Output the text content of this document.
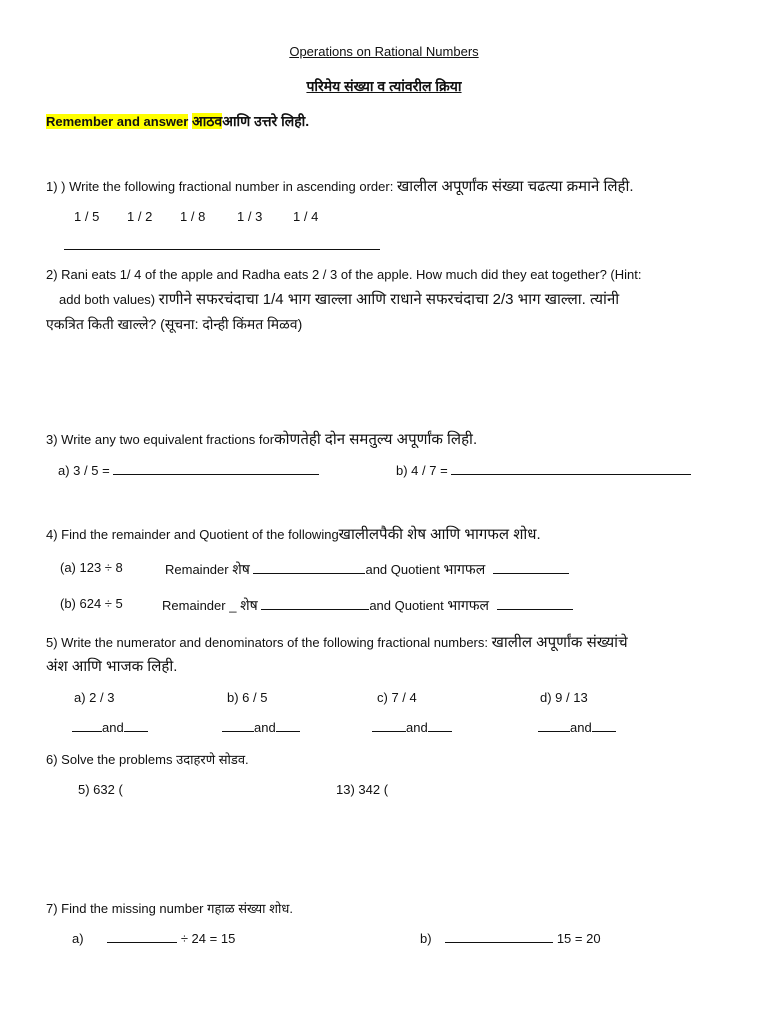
Operations on Rational Numbers
परिमेय संख्या व त्यांवरील क्रिया
Remember and answer आठवआणि उत्तरे लिही.
1) ) Write the following fractional number in ascending order: खालील अपूर्णांक संख्या चढत्या क्रमाने लिही.
1 / 5 1 / 2 1 / 8 1 / 3 1 / 4
2) Rani eats 1/ 4 of the apple and Radha eats 2 / 3 of the apple. How much did they eat together? (Hint:
add both values) राणीने सफरचंदाचा 1/4 भाग खाल्ला आणि राधाने सफरचंदाचा 2/3 भाग खाल्ला. त्यांनी
एकत्रित किती खाल्ले? (सूचना: दोन्ही किंमत मिळव)
3) Write any two equivalent fractions forकोणतेही दोन समतुल्य अपूर्णांक लिही.
a) 3 / 5 =	b) 4 / 7 =
4) Find the remainder and Quotient of the followingखालीलपैकी शेष आणि भागफल शोध.
(a) 123 ÷ 8	Remainder शेष	and Quotient भागफल
(b) 624 ÷ 5	Remainder _ शेष	and Quotient भागफल
5) Write the numerator and denominators of the following fractional numbers: खालील अपूर्णांक संख्यांचे
अंश आणि भाजक लिही.
a) 2 / 3	b) 6 / 5	c) 7 / 4	d) 9 / 13
and	and	and	and
6) Solve the problems उदाहरणे सोडव.
5) 632 (	13) 342 (
7) Find the missing number गहाळ संख्या शोध.
a)	÷ 24 = 15	b)	15 = 20
